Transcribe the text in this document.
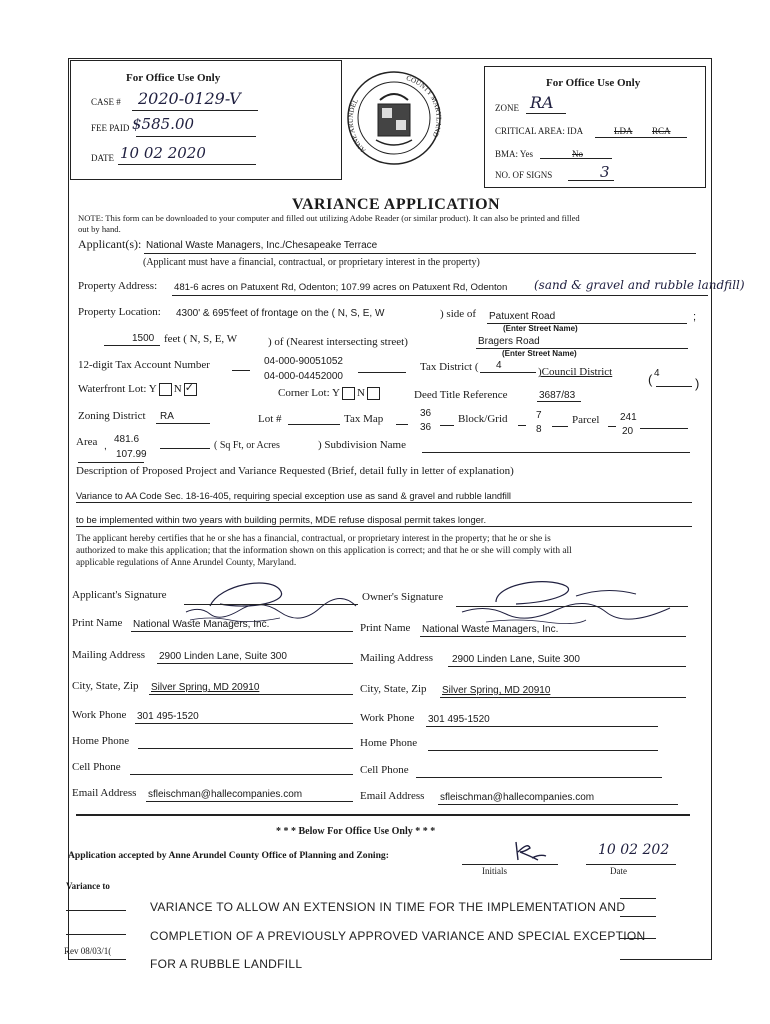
For Office Use Only
CASE # 2020-0129-V
FEE PAID $585.00
DATE 10 02 2020	ANNE ARUNDEL
COUNTY MARYLAND
For Office Use Only
ZONE RA
CRITICAL AREA: IDA	LDA RCA
BMA: Yes	No
NO. OF SIGNS	3
VARIANCE APPLICATION
NOTE: This form can be downloaded to your computer and filled out utilizing Adobe Reader (or similar product). It can also be printed and filled
out by hand.
Applicant(s): National Waste Managers, Inc./Chesapeake Terrace
(Applicant must have a financial, contractual, or proprietary interest in the property)
Property Address: 481-6 acres on Patuxent Rd, Odenton; 107.99 acres on Patuxent Rd, Odenton (sand & gravel and rubble landfill)
Property Location: 4300' & 695'feet of frontage on the ( N, S, E, W	) side of Patuxent Road	;
(Enter Street Name)
1500 feet ( N, S, E, W	) of (Nearest intersecting street)	Bragers Road
(Enter Street Name)
12-digit Tax Account Number	04-000-90051052
04-000-04452000
Tax District ( 4
)Council District	( 4
)
Waterfront Lot: Y N✓	Corner Lot: Y N	Deed Title Reference	3687/83
Zoning District RA	Lot #	Tax Map	36
36
Block/Grid	7
8
Parcel 241
20
Area ,
481.6
107.99
( Sq Ft, or Acres	) Subdivision Name
Description of Proposed Project and Variance Requested (Brief, detail fully in letter of explanation)
Variance to AA Code Sec. 18-16-405, requiring special exception use as sand & gravel and rubble landfill
to be implemented within two years with building permits, MDE refuse disposal permit takes longer.
The applicant hereby certifies that he or she has a financial, contractual, or proprietary interest in the property; that he or she is
authorized to make this application; that the information shown on this application is correct; and that he or she will comply with all
applicable regulations of Anne Arundel County, Maryland.
Applicant's Signature	Owner's Signature
Print Name National Waste Managers, Inc.	Print Name National Waste Managers, Inc.
Mailing Address 2900 Linden Lane, Suite 300	Mailing Address 2900 Linden Lane, Suite 300
City, State, Zip Silver Spring, MD 20910	City, State, Zip Silver Spring, MD 20910
Work Phone 301 495-1520	Work Phone 301 495-1520
Home Phone	Home Phone
Cell Phone	Cell Phone
Email Address sfleischman@hallecompanies.com	Email Address sfleischman@hallecompanies.com
* * * Below For Office Use Only * * *
Application accepted by Anne Arundel County Office of Planning and Zoning:
Initials
10 02 202
Date
Variance to
Rev 08/03/1(
VARIANCE TO ALLOW AN EXTENSION IN TIME FOR THE IMPLEMENTATION AND
COMPLETION OF A PREVIOUSLY APPROVED VARIANCE AND SPECIAL EXCEPTION
FOR A RUBBLE LANDFILL
